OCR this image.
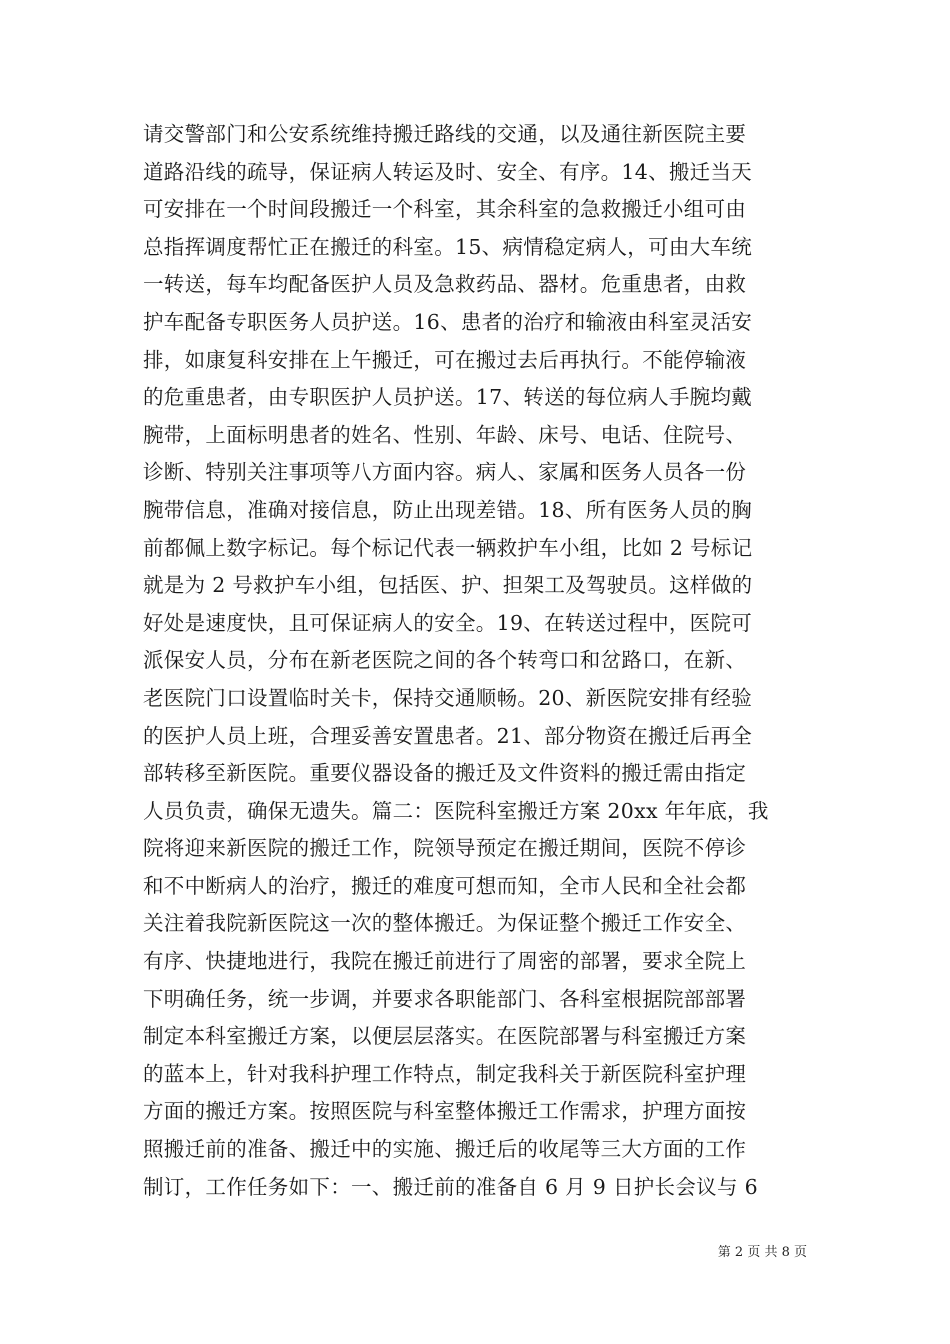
请交警部门和公安系统维持搬迁路线的交通，以及通往新医院主要
道路沿线的疏导，保证病人转运及时、安全、有序。14、搬迁当天
可安排在一个时间段搬迁一个科室，其余科室的急救搬迁小组可由
总指挥调度帮忙正在搬迁的科室。15、病情稳定病人，可由大车统
一转送，每车均配备医护人员及急救药品、器材。危重患者，由救
护车配备专职医务人员护送。16、患者的治疗和输液由科室灵活安
排，如康复科安排在上午搬迁，可在搬过去后再执行。不能停输液
的危重患者，由专职医护人员护送。17、转送的每位病人手腕均戴
腕带，上面标明患者的姓名、性别、年龄、床号、电话、住院号、
诊断、特别关注事项等八方面内容。病人、家属和医务人员各一份
腕带信息，准确对接信息，防止出现差错。18、所有医务人员的胸
前都佩上数字标记。每个标记代表一辆救护车小组，比如 2 号标记
就是为 2 号救护车小组，包括医、护、担架工及驾驶员。这样做的
好处是速度快，且可保证病人的安全。19、在转送过程中，医院可
派保安人员，分布在新老医院之间的各个转弯口和岔路口，在新、
老医院门口设置临时关卡，保持交通顺畅。20、新医院安排有经验
的医护人员上班，合理妥善安置患者。21、部分物资在搬迁后再全
部转移至新医院。重要仪器设备的搬迁及文件资料的搬迁需由指定
人员负责，确保无遗失。篇二：医院科室搬迁方案 20xx 年年底，我
院将迎来新医院的搬迁工作，院领导预定在搬迁期间，医院不停诊
和不中断病人的治疗，搬迁的难度可想而知，全市人民和全社会都
关注着我院新医院这一次的整体搬迁。为保证整个搬迁工作安全、
有序、快捷地进行，我院在搬迁前进行了周密的部署，要求全院上
下明确任务，统一步调，并要求各职能部门、各科室根据院部部署
制定本科室搬迁方案，以便层层落实。在医院部署与科室搬迁方案
的蓝本上，针对我科护理工作特点，制定我科关于新医院科室护理
方面的搬迁方案。按照医院与科室整体搬迁工作需求，护理方面按
照搬迁前的准备、搬迁中的实施、搬迁后的收尾等三大方面的工作
制订，工作任务如下：一、搬迁前的准备自 6 月 9 日护长会议与 6
第 2 页 共 8 页
